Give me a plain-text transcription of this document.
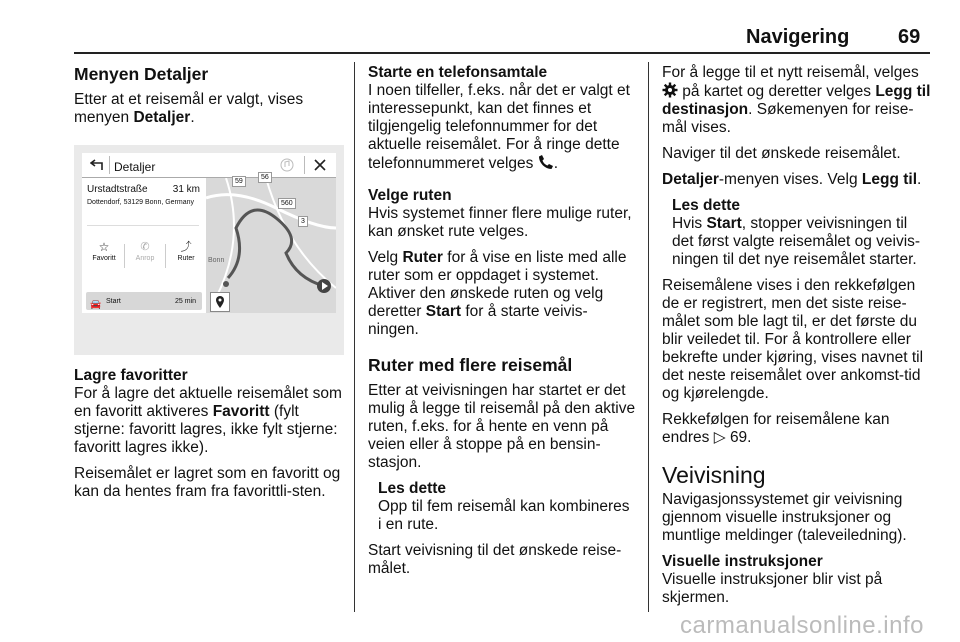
Navigering 69
Menyen Detaljer

Etter at et reisemål er valgt, vises menyen Detaljer.

Detaljer
Urstadtstraße	31 km
Dottendorf, 53129 Bonn, Germany
☆
Favoritt
✆
Anrop
⤴
Ruter
🚘 Start	25 min
59
56
560
3
Bonn
Lagre favoritter

For å lagre det aktuelle reisemålet som en favoritt aktiveres Favoritt (fylt stjerne: favoritt lagres, ikke fylt stjerne: favoritt lagres ikke).

Reisemålet er lagret som en favoritt og kan da hentes fram fra favorittli-sten.

Starte en telefonsamtale

I noen tilfeller, f.eks. når det er valgt et interessepunkt, kan det finnes et tilgjengelig telefonnummer for det aktuelle reisemålet. For å ringe dette telefonnummeret velges .

Velge ruten

Hvis systemet finner flere mulige ruter, kan ønsket rute velges.

Velg Ruter for å vise en liste med alle ruter som er oppdaget i systemet. Aktiver den ønskede ruten og velg deretter Start for å starte veivis-ningen.

Ruter med flere reisemål

Etter at veivisningen har startet er det mulig å legge til reisemål på den aktive ruten, f.eks. for å hente en venn på veien eller å stoppe på en bensin-stasjon.

Les dette
Opp til fem reisemål kan kombineres i en rute.

Start veivisning til det ønskede reise-målet.

For å legge til et nytt reisemål, velges
på kartet og deretter velges Legg til destinasjon. Søkemenyen for reise-mål vises.

Naviger til det ønskede reisemålet.

Detaljer-menyen vises. Velg Legg til.

Les dette
Hvis Start, stopper veivisningen til det først valgte reisemålet og veivis-ningen til det nye reisemålet starter.

Reisemålene vises i den rekkefølgen de er registrert, men det siste reise-målet som ble lagt til, er det første du blir veiledet til. For å kontrollere eller bekrefte under kjøring, vises navnet til det neste reisemålet over ankomst-tid og kjørelengde.

Rekkefølgen for reisemålene kan endres ▷ 69.

Veivisning

Navigasjonssystemet gir veivisning gjennom visuelle instruksjoner og muntlige meldinger (taleveiledning).

Visuelle instruksjoner

Visuelle instruksjoner blir vist på skjermen.

carmanualsonline.info
